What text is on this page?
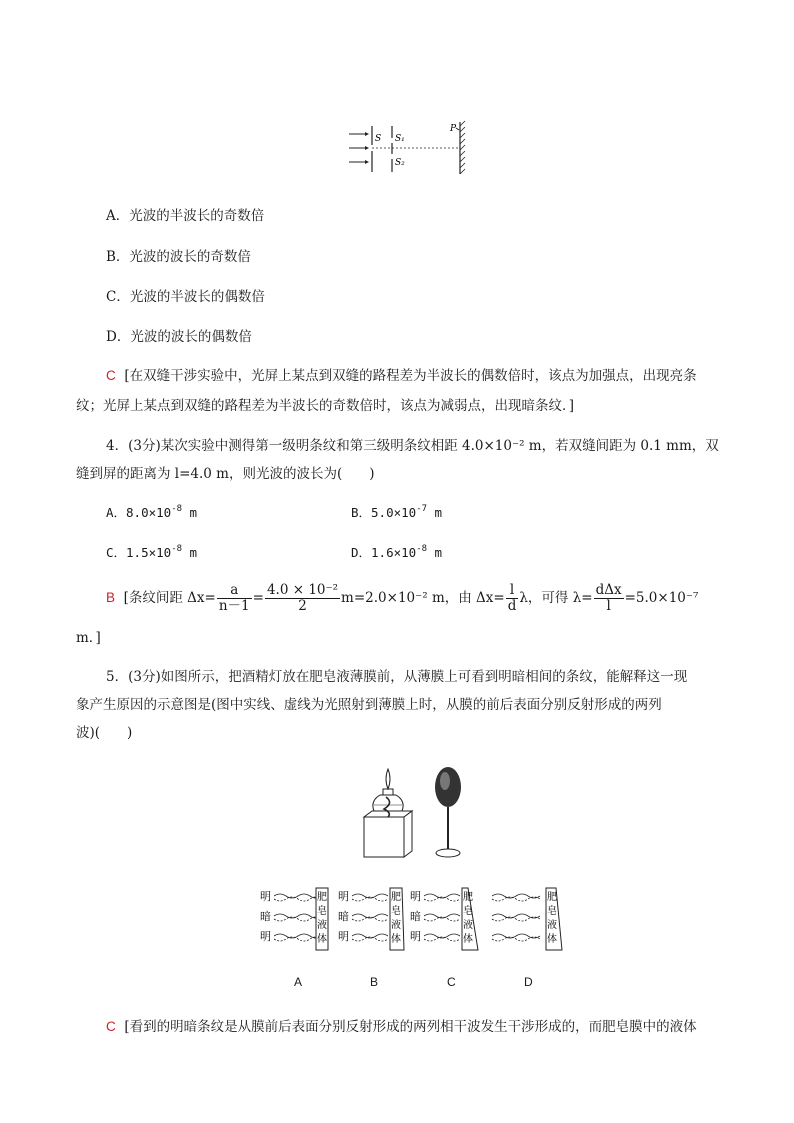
S S₁
S₂
P
A．光波的半波长的奇数倍
B．光波的波长的奇数倍
C．光波的半波长的偶数倍
D．光波的波长的偶数倍
C [在双缝干涉实验中，光屏上某点到双缝的路程差为半波长的偶数倍时，该点为加强点，出现亮条
纹；光屏上某点到双缝的路程差为半波长的奇数倍时，该点为减弱点，出现暗条纹．]
4．(3分)某次实验中测得第一级明条纹和第三级明条纹相距 4.0×10⁻² m，若双缝间距为 0.1 mm，双
缝到屏的距离为 l=4.0 m，则光波的波长为(　　)
A．$8.0\times 10^{-8}$ m	B．$5.0\times 10^{-7}$ m
C．$1.5\times 10^{-8}$ m	D．$1.6\times 10^{-8}$ m
B [条纹间距 $\Delta x= \frac{a}{n-1} = \frac{\text{4.0 × 10⁻²}}{2} m=2.0\times 10^{-2}$ m，由 $\Delta x= \frac{l}{d}$ λ，可得 $\lambda= \frac{\text{dΔx}}{l} =5.0\times 10^{-7}$
m．]
5．(3分)如图所示，把酒精灯放在肥皂液薄膜前，从薄膜上可看到明暗相间的条纹，能解释这一现
象产生原因的示意图是(图中实线、虚线为光照射到薄膜上时，从膜的前后表面分别反射形成的两列
波)(　　)
明
暗
明
肥
皂
液
体
明
暗
明
肥
皂
液
体
明
暗
明
肥
皂
液
体
肥
皂
液
体
A	B	C	D
C [看到的明暗条纹是从膜前后表面分别反射形成的两列相干波发生干涉形成的，而肥皂膜中的液体
